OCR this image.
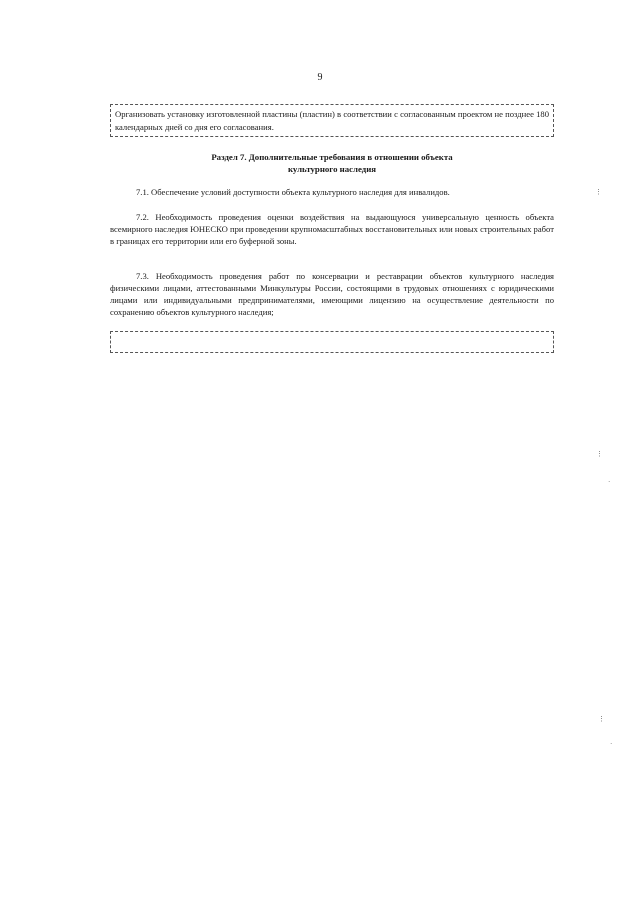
9
Организовать установку изготовленной пластины (пластин) в соответствии с согласованным проектом не позднее 180 календарных дней со дня его согласования.
Раздел 7. Дополнительные требования в отношении объекта
культурного наследия

7.1. Обеспечение условий доступности объекта культурного наследия для инвалидов.

7.2. Необходимость проведения оценки воздействия на выдающуюся универсальную ценность объекта всемирного наследия ЮНЕСКО при проведении крупномасштабных восстановительных или новых строительных работ в границах его территории или его буферной зоны.

7.3. Необходимость проведения работ по консервации и реставрации объектов культурного наследия физическими лицами, аттестованными Минкультуры России, состоящими в трудовых отношениях с юридическими лицами или индивидуальными предпринимателями, имеющими лицензию на осуществление деятельности по сохранению объектов культурного наследия;

⋮
⋮
·
⋮
·
